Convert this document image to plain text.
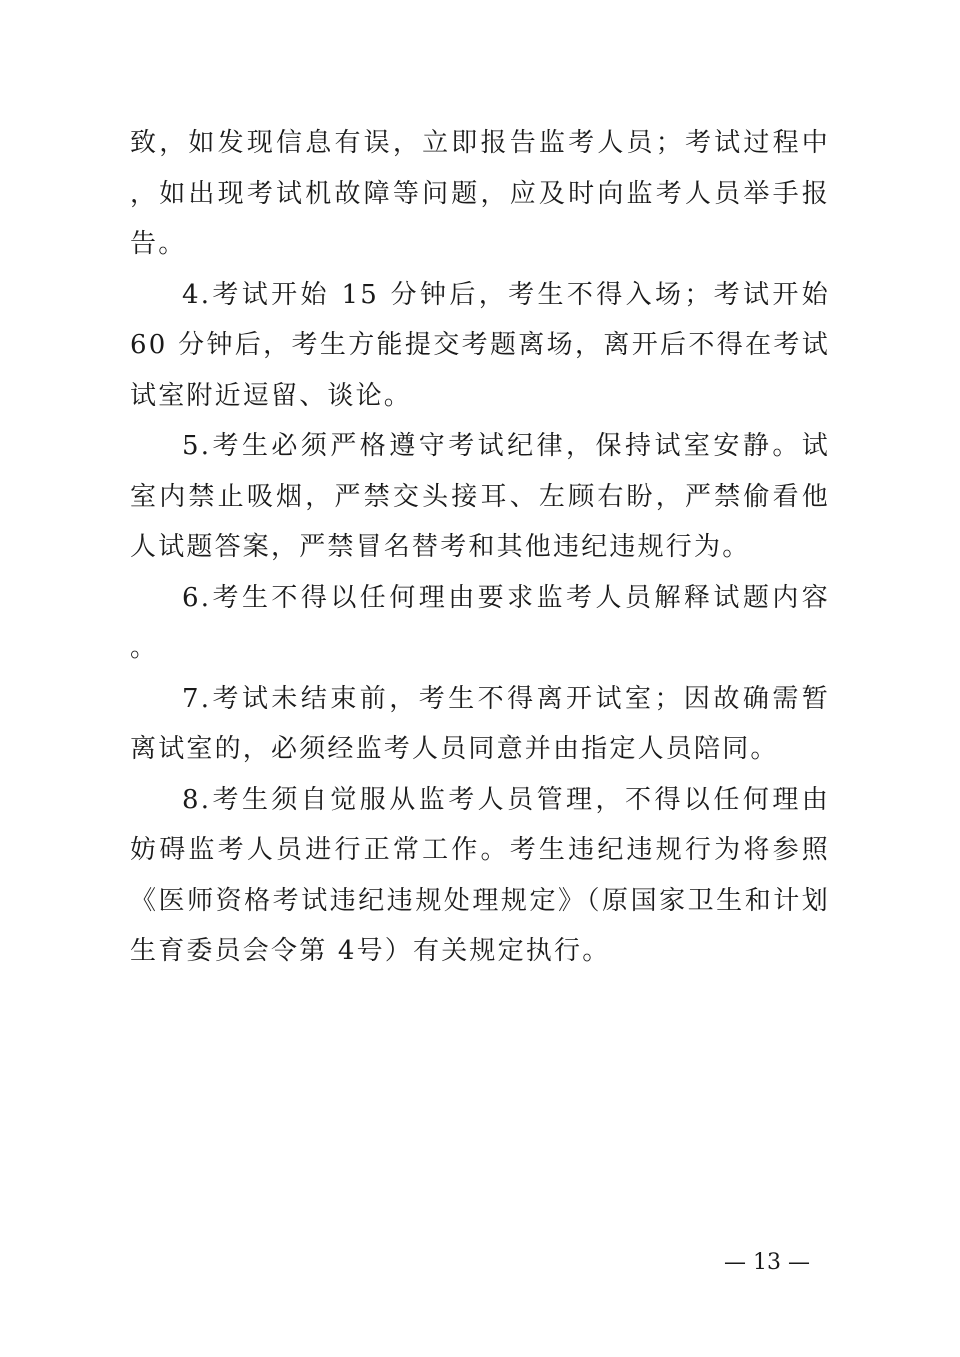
致，如发现信息有误，立即报告监考人员；考试过程中，如出现考试机故障等问题，应及时向监考人员举手报告。

4.考试开始 15 分钟后，考生不得入场；考试开始 60 分钟后，考生方能提交考题离场，离开后不得在考试试室附近逗留、谈论。

5.考生必须严格遵守考试纪律，保持试室安静。试室内禁止吸烟，严禁交头接耳、左顾右盼，严禁偷看他人试题答案，严禁冒名替考和其他违纪违规行为。

6.考生不得以任何理由要求监考人员解释试题内容。

7.考试未结束前，考生不得离开试室；因故确需暂离试室的，必须经监考人员同意并由指定人员陪同。

8.考生须自觉服从监考人员管理，不得以任何理由妨碍监考人员进行正常工作。考生违纪违规行为将参照《医师资格考试违纪违规处理规定》（原国家卫生和计划生育委员会令第 4号）有关规定执行。

— 13 —
